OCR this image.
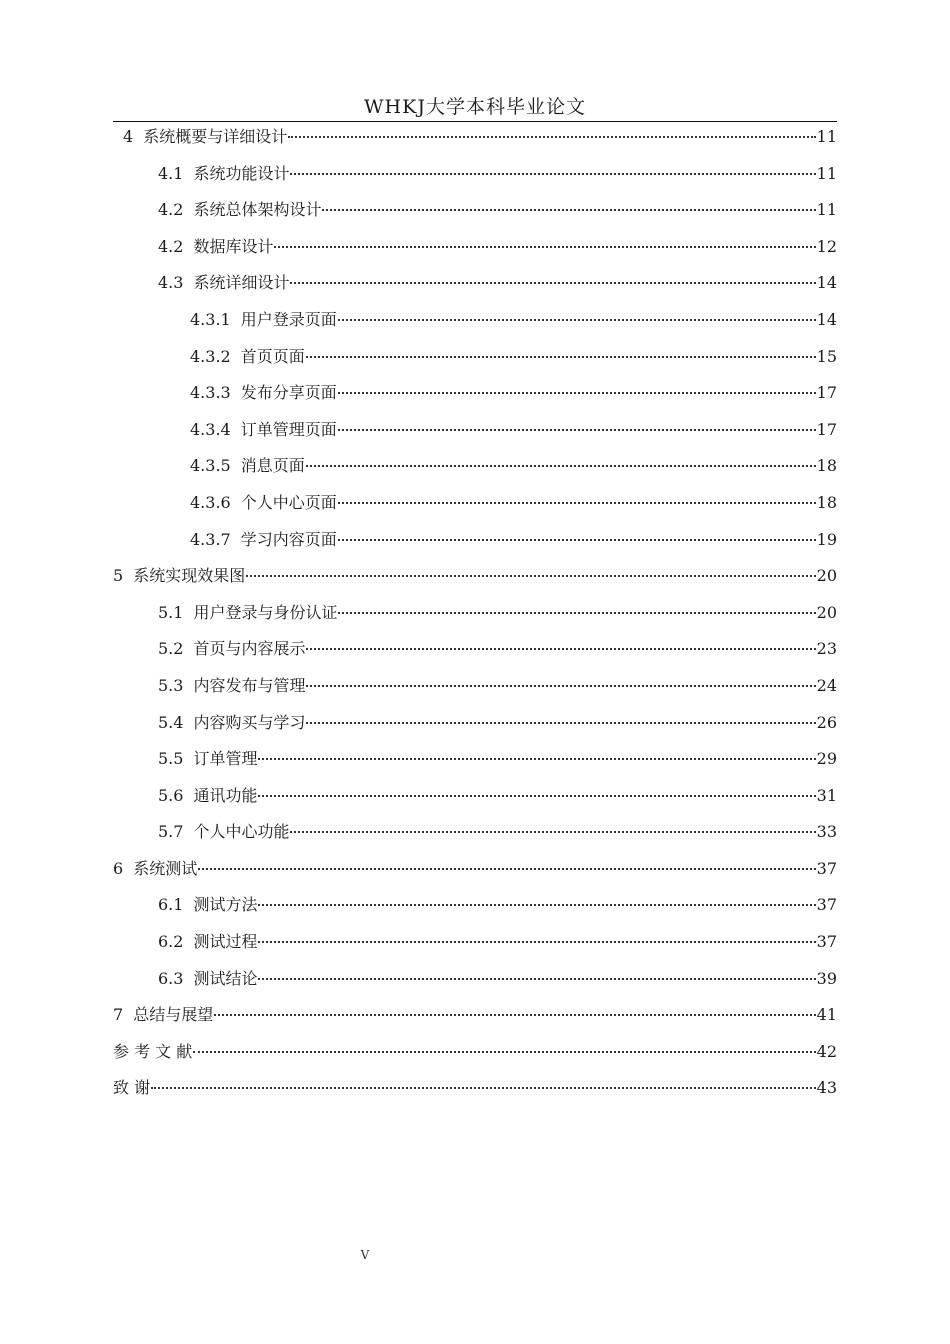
WHKJ大学本科毕业论文
4 系统概要与详细设计	11
4.1 系统功能设计	11
4.2 系统总体架构设计	11
4.2 数据库设计	12
4.3 系统详细设计	14
4.3.1 用户登录页面	14
4.3.2 首页页面	15
4.3.3 发布分享页面	17
4.3.4 订单管理页面	17
4.3.5 消息页面	18
4.3.6 个人中心页面	18
4.3.7 学习内容页面	19
5 系统实现效果图	20
5.1 用户登录与身份认证	20
5.2 首页与内容展示	23
5.3 内容发布与管理	24
5.4 内容购买与学习	26
5.5 订单管理	29
5.6 通讯功能	31
5.7 个人中心功能	33
6 系统测试	37
6.1 测试方法	37
6.2 测试过程	37
6.3 测试结论	39
7 总结与展望	41
参 考 文 献	42
致 谢	43
V
